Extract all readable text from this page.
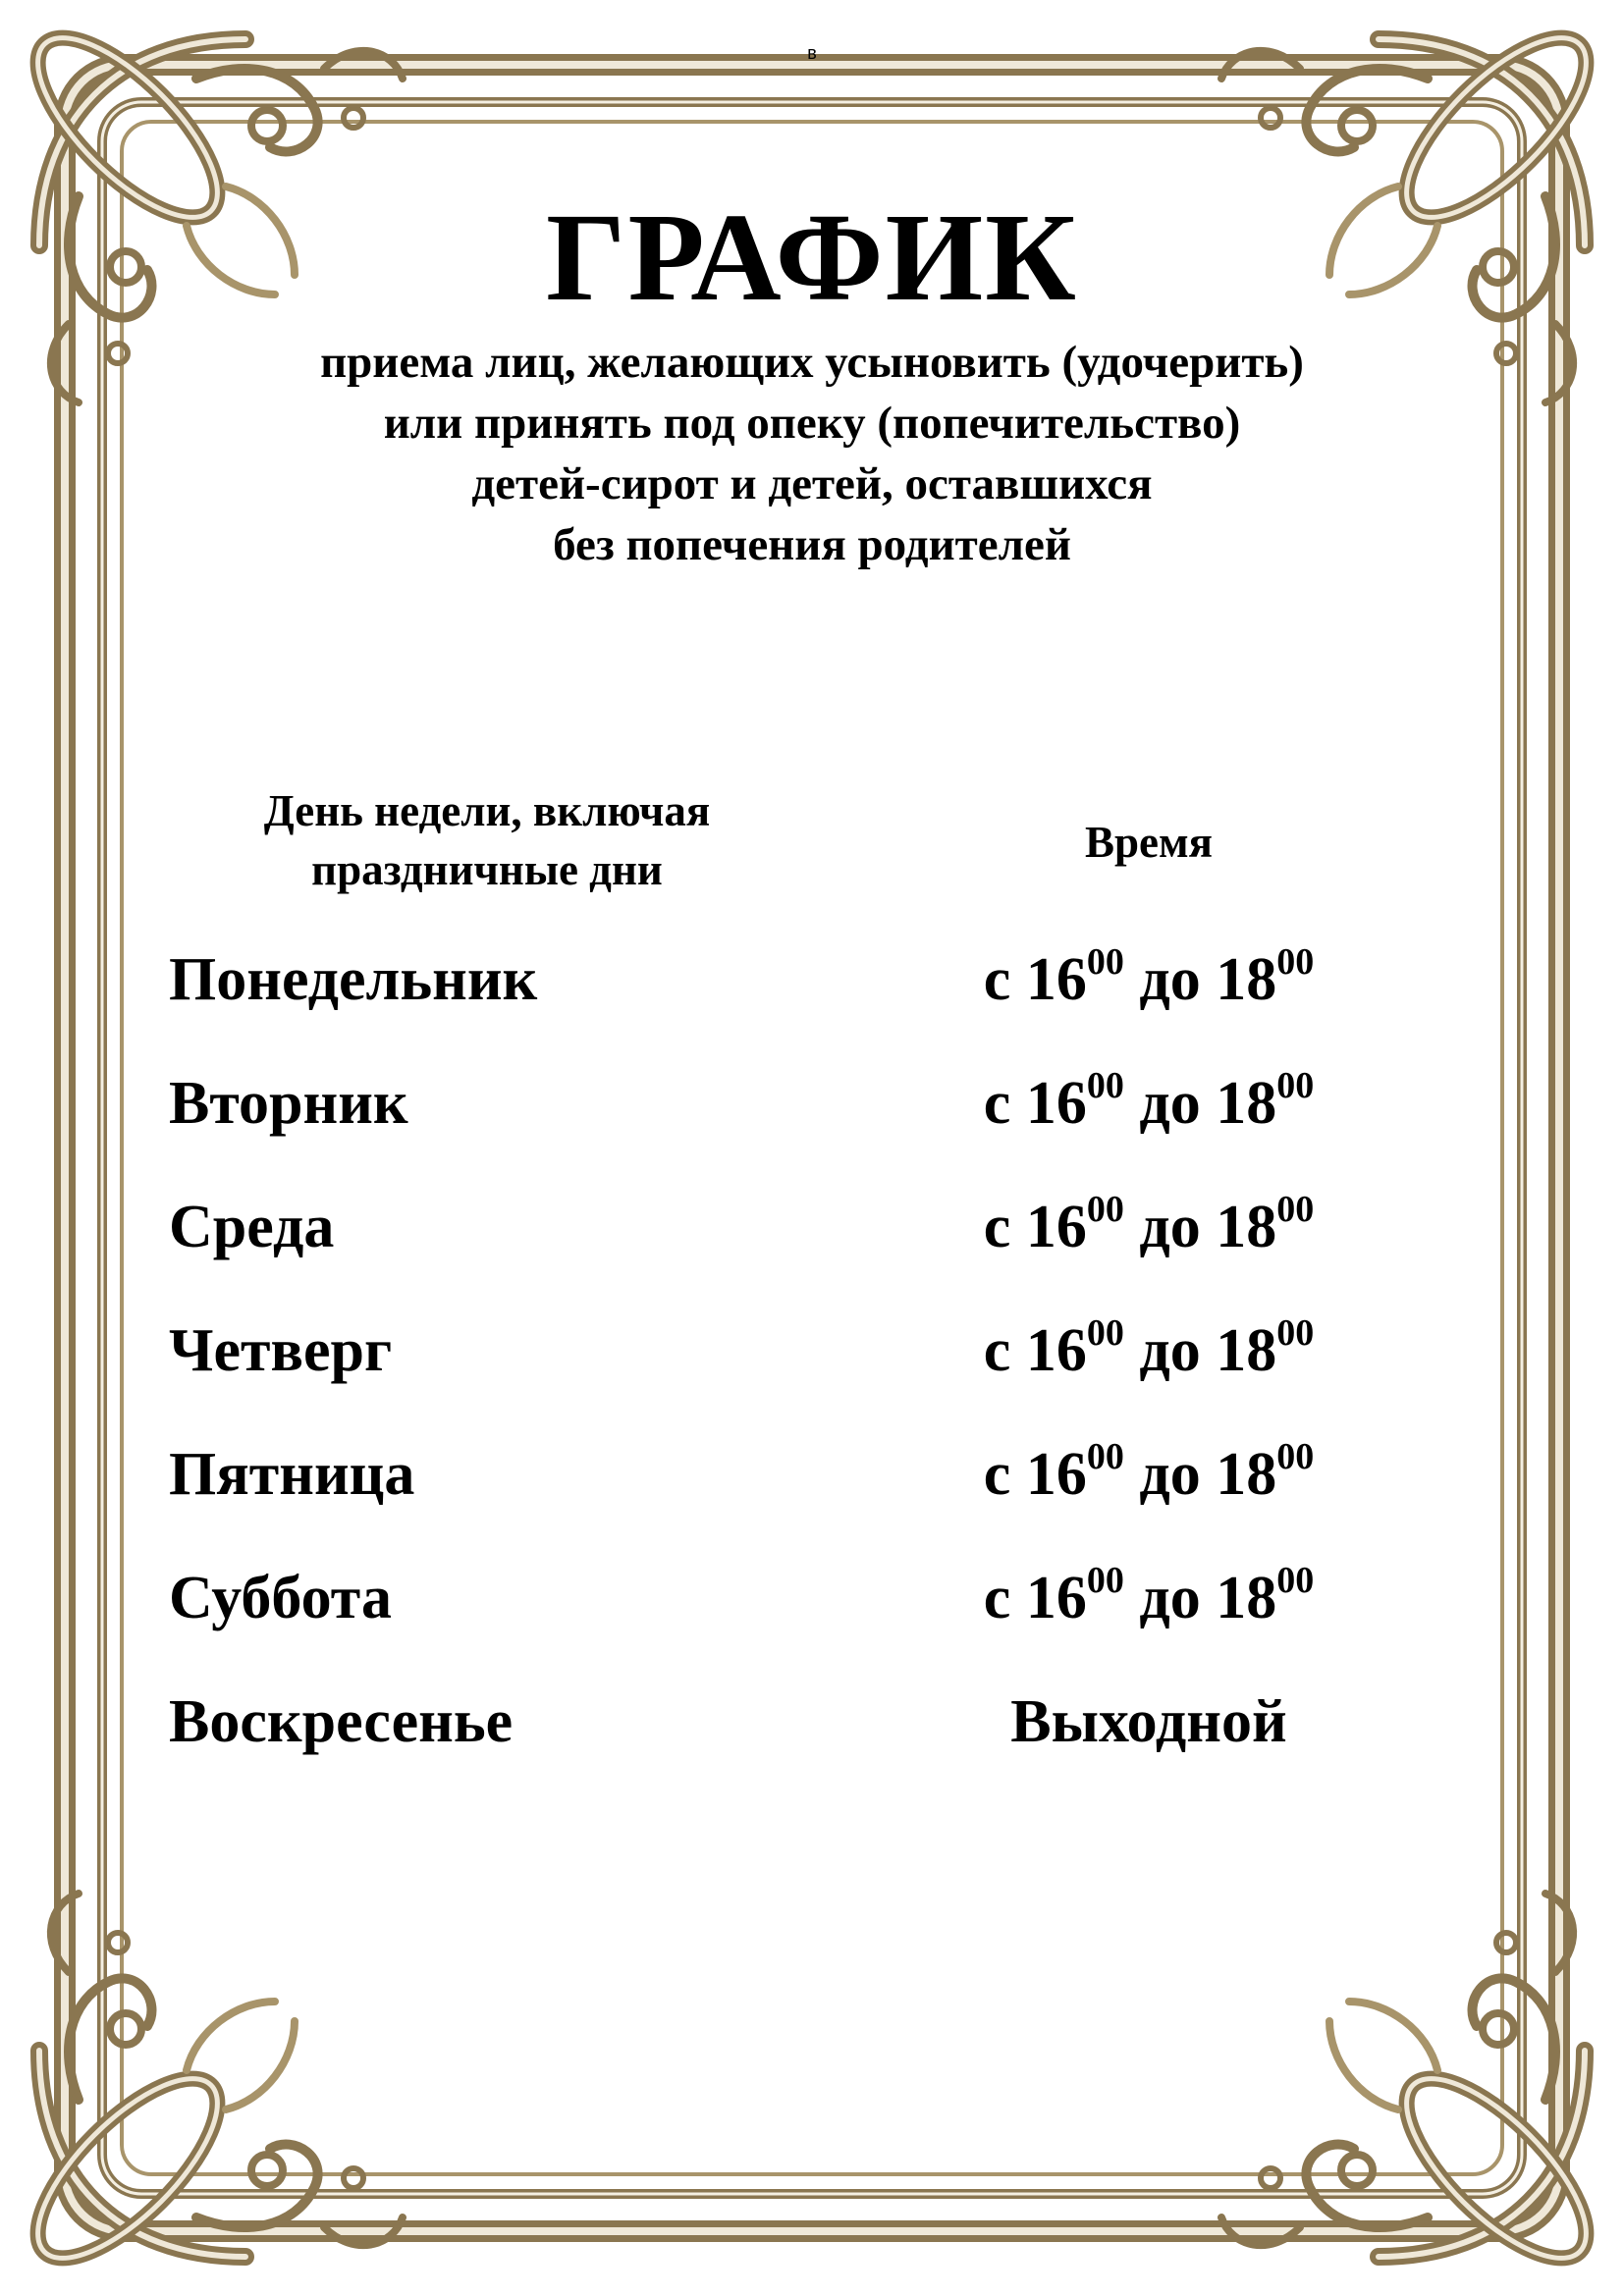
в
ГРАФИК
приема лиц, желающих усыновить (удочерить)
или принять под опеку (попечительство)
детей-сирот и детей, оставшихся
без попечения родителей
День недели, включая
праздничные дни
Время
Понедельник	с $16^{00}$ до $18^{00}$
Вторник	с $16^{00}$ до $18^{00}$
Среда	с $16^{00}$ до $18^{00}$
Четверг	с $16^{00}$ до $18^{00}$
Пятница	с $16^{00}$ до $18^{00}$
Суббота	с $16^{00}$ до $18^{00}$
Воскресенье	Выходной
